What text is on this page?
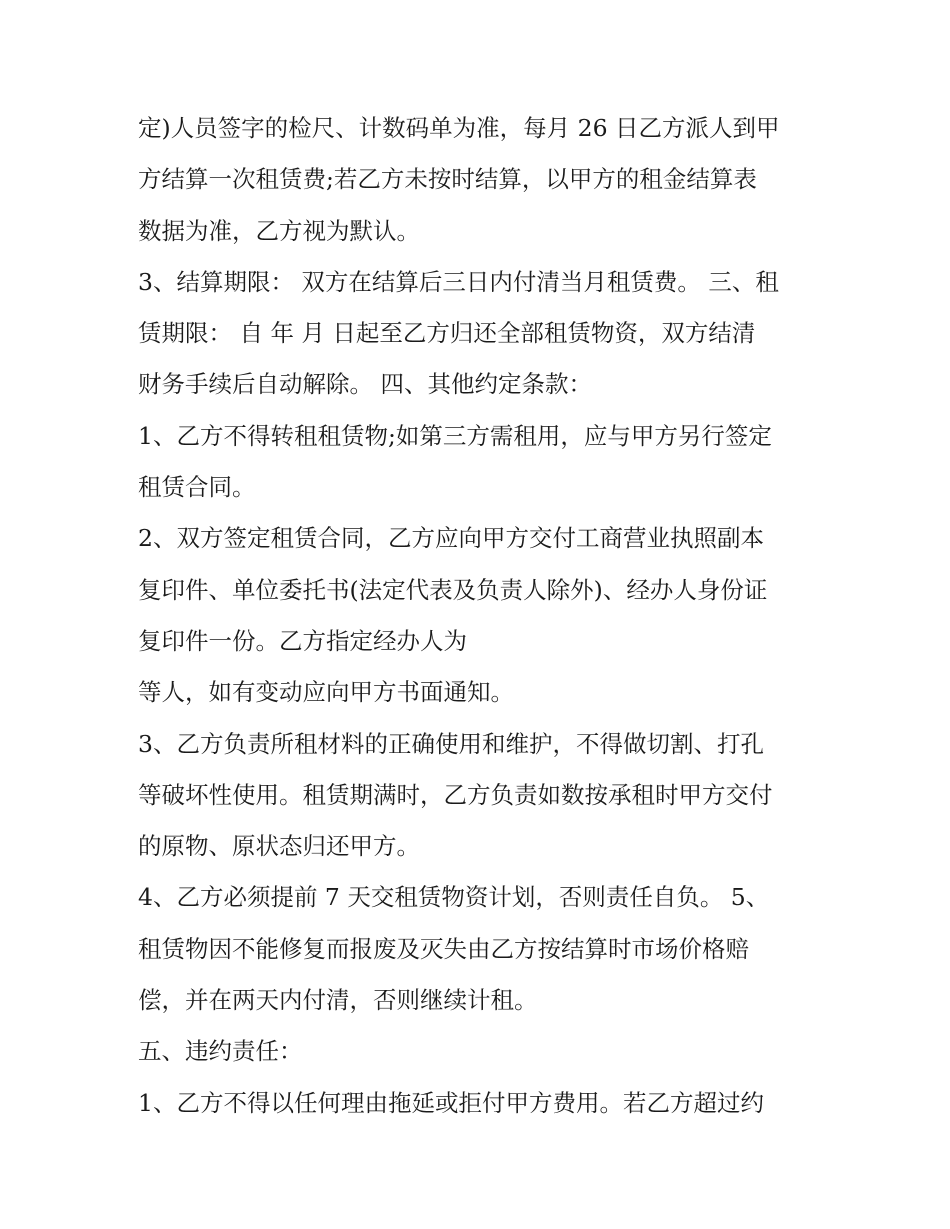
定)人员签字的检尺、计数码单为准，每月 26 日乙方派人到甲
方结算一次租赁费;若乙方未按时结算，以甲方的租金结算表
数据为准，乙方视为默认。
3、结算期限： 双方在结算后三日内付清当月租赁费。 三、租
赁期限： 自 年 月 日起至乙方归还全部租赁物资，双方结清
财务手续后自动解除。 四、其他约定条款：
1、乙方不得转租租赁物;如第三方需租用，应与甲方另行签定
租赁合同。
2、双方签定租赁合同，乙方应向甲方交付工商营业执照副本
复印件、单位委托书(法定代表及负责人除外)、经办人身份证
复印件一份。乙方指定经办人为
等人，如有变动应向甲方书面通知。
3、乙方负责所租材料的正确使用和维护，不得做切割、打孔
等破坏性使用。租赁期满时，乙方负责如数按承租时甲方交付
的原物、原状态归还甲方。
4、乙方必须提前 7 天交租赁物资计划，否则责任自负。 5、
租赁物因不能修复而报废及灭失由乙方按结算时市场价格赔
偿，并在两天内付清，否则继续计租。
五、违约责任：
1、乙方不得以任何理由拖延或拒付甲方费用。若乙方超过约
